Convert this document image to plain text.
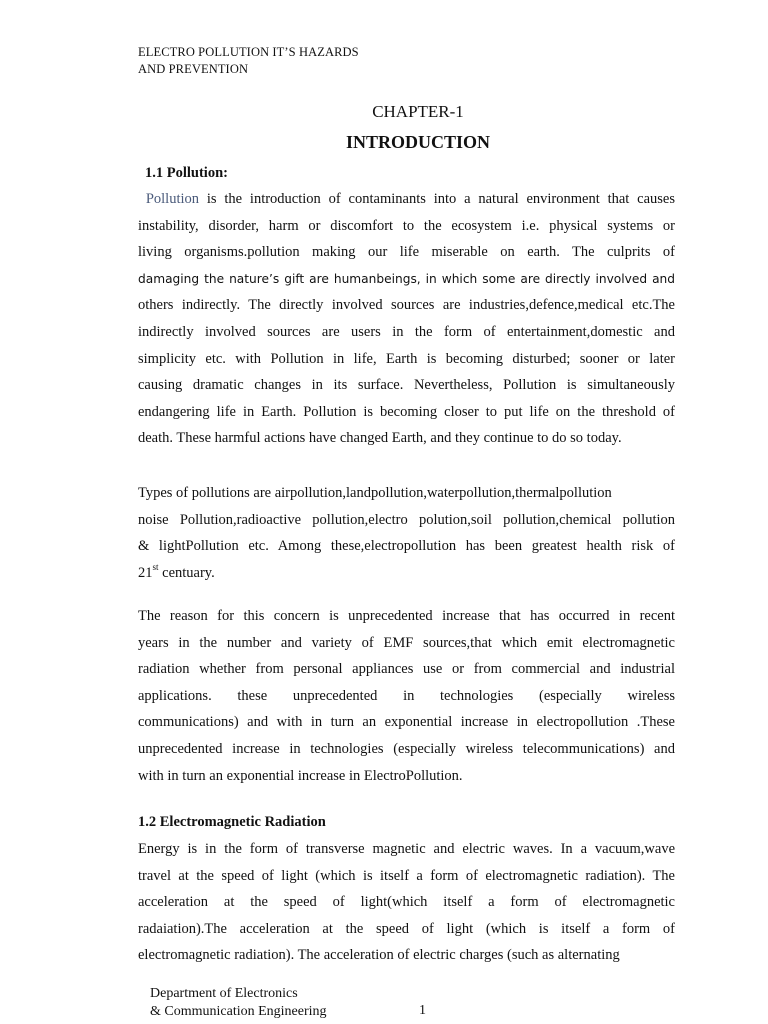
ELECTRO POLLUTION IT’S HAZARDS
AND PREVENTION
CHAPTER-1
INTRODUCTION
1.1 Pollution:
Pollution is the introduction of contaminants into a natural environment that causes
instability, disorder, harm or discomfort to the ecosystem i.e. physical systems or
living organisms.pollution making our life miserable on earth. The culprits of
damaging the nature’s gift are humanbeings, in which some are directly involved and
others indirectly. The directly involved sources are industries,defence,medical etc.The
indirectly involved sources are users in the form of entertainment,domestic and
simplicity etc. with Pollution in life, Earth is becoming disturbed; sooner or later
causing dramatic changes in its surface. Nevertheless, Pollution is simultaneously
endangering life in Earth. Pollution is becoming closer to put life on the threshold of
death. These harmful actions have changed Earth, and they continue to do so today.
Types of pollutions are airpollution,landpollution,waterpollution,thermalpollution
noise Pollution,radioactive pollution,electro polution,soil pollution,chemical pollution
& lightPollution etc. Among these,electropollution has been greatest health risk of
21st centuary.
The reason for this concern is unprecedented increase that has occurred in recent
years in the number and variety of EMF sources,that which emit electromagnetic
radiation whether from personal appliances use or from commercial and industrial
applications. these unprecedented in technologies (especially wireless
communications) and with in turn an exponential increase in electropollution .These
unprecedented increase in technologies (especially wireless telecommunications) and
with in turn an exponential increase in ElectroPollution.
1.2 Electromagnetic Radiation
Energy is in the form of transverse magnetic and electric waves. In a vacuum,wave
travel at the speed of light (which is itself a form of electromagnetic radiation). The
acceleration at the speed of light(which itself a form of electromagnetic
radaiation).The acceleration at the speed of light (which is itself a form of
electromagnetic radiation). The acceleration of electric charges (such as alternating
Department of Electronics
& Communication Engineering	1
